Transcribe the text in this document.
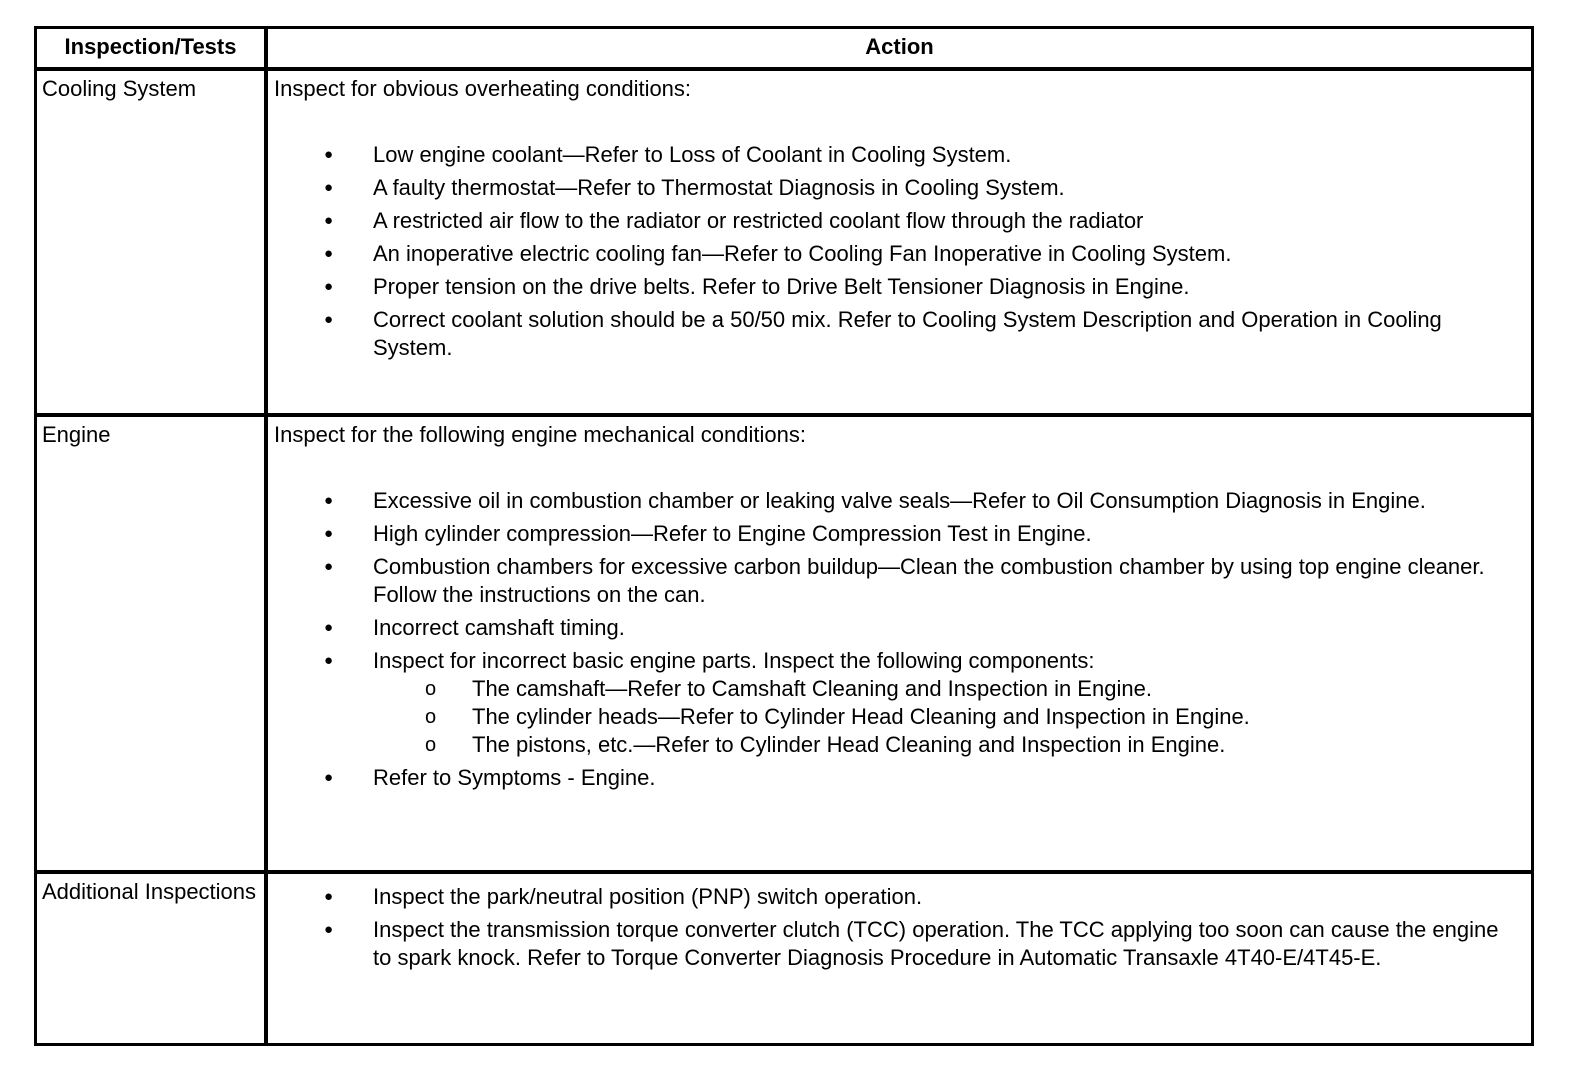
Inspection/Tests	Action
Cooling System	Inspect for obvious overheating conditions:
● Low engine coolant—Refer to Loss of Coolant in Cooling System.
● A faulty thermostat—Refer to Thermostat Diagnosis in Cooling System.
● A restricted air flow to the radiator or restricted coolant flow through the radiator
● An inoperative electric cooling fan—Refer to Cooling Fan Inoperative in Cooling System.
● Proper tension on the drive belts. Refer to Drive Belt Tensioner Diagnosis in Engine.
● Correct coolant solution should be a 50/50 mix. Refer to Cooling System Description and Operation in Cooling System.
Engine	Inspect for the following engine mechanical conditions:
● Excessive oil in combustion chamber or leaking valve seals—Refer to Oil Consumption Diagnosis in Engine.
● High cylinder compression—Refer to Engine Compression Test in Engine.
● Combustion chambers for excessive carbon buildup—Clean the combustion chamber by using top engine cleaner. Follow the instructions on the can.
● Incorrect camshaft timing.
● Inspect for incorrect basic engine parts. Inspect the following components:
o The camshaft—Refer to Camshaft Cleaning and Inspection in Engine.
o The cylinder heads—Refer to Cylinder Head Cleaning and Inspection in Engine.
o The pistons, etc.—Refer to Cylinder Head Cleaning and Inspection in Engine.
● Refer to Symptoms - Engine.
Additional Inspections
●	Inspect the park/neutral position (PNP) switch operation.
● Inspect the transmission torque converter clutch (TCC) operation. The TCC applying too soon can cause the engine to spark knock. Refer to Torque Converter Diagnosis Procedure in Automatic Transaxle 4T40-E/4T45-E.
